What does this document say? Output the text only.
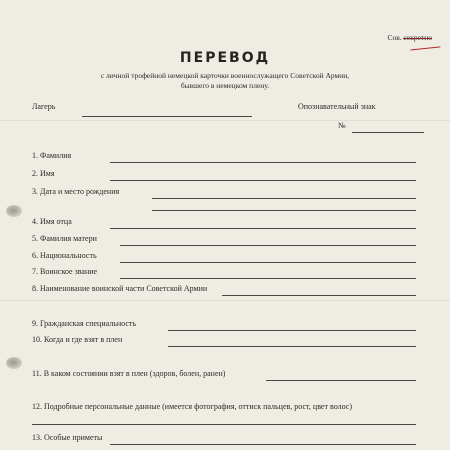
Сов. секретно
ПЕРЕВОД
с личной трофейной немецкой карточки военнослужащего Советской Армии,
бывшего в немецком плену.
Лагерь	Опознавательный знак
№
1. Фамилия
2. Имя
3. Дата и место рождения
4. Имя отца
5. Фамилия матери
6. Национальность
7. Воинское звание
8. Наименование воинской части Советской Армии
9. Гражданская специальность
10. Когда и где взят в плен
11. В каком состоянии взят в плен (здоров, болен, ранен)
12. Подробные персональные данные (имеется фотография, оттиск пальцев, рост, цвет волос)
13. Особые приметы
